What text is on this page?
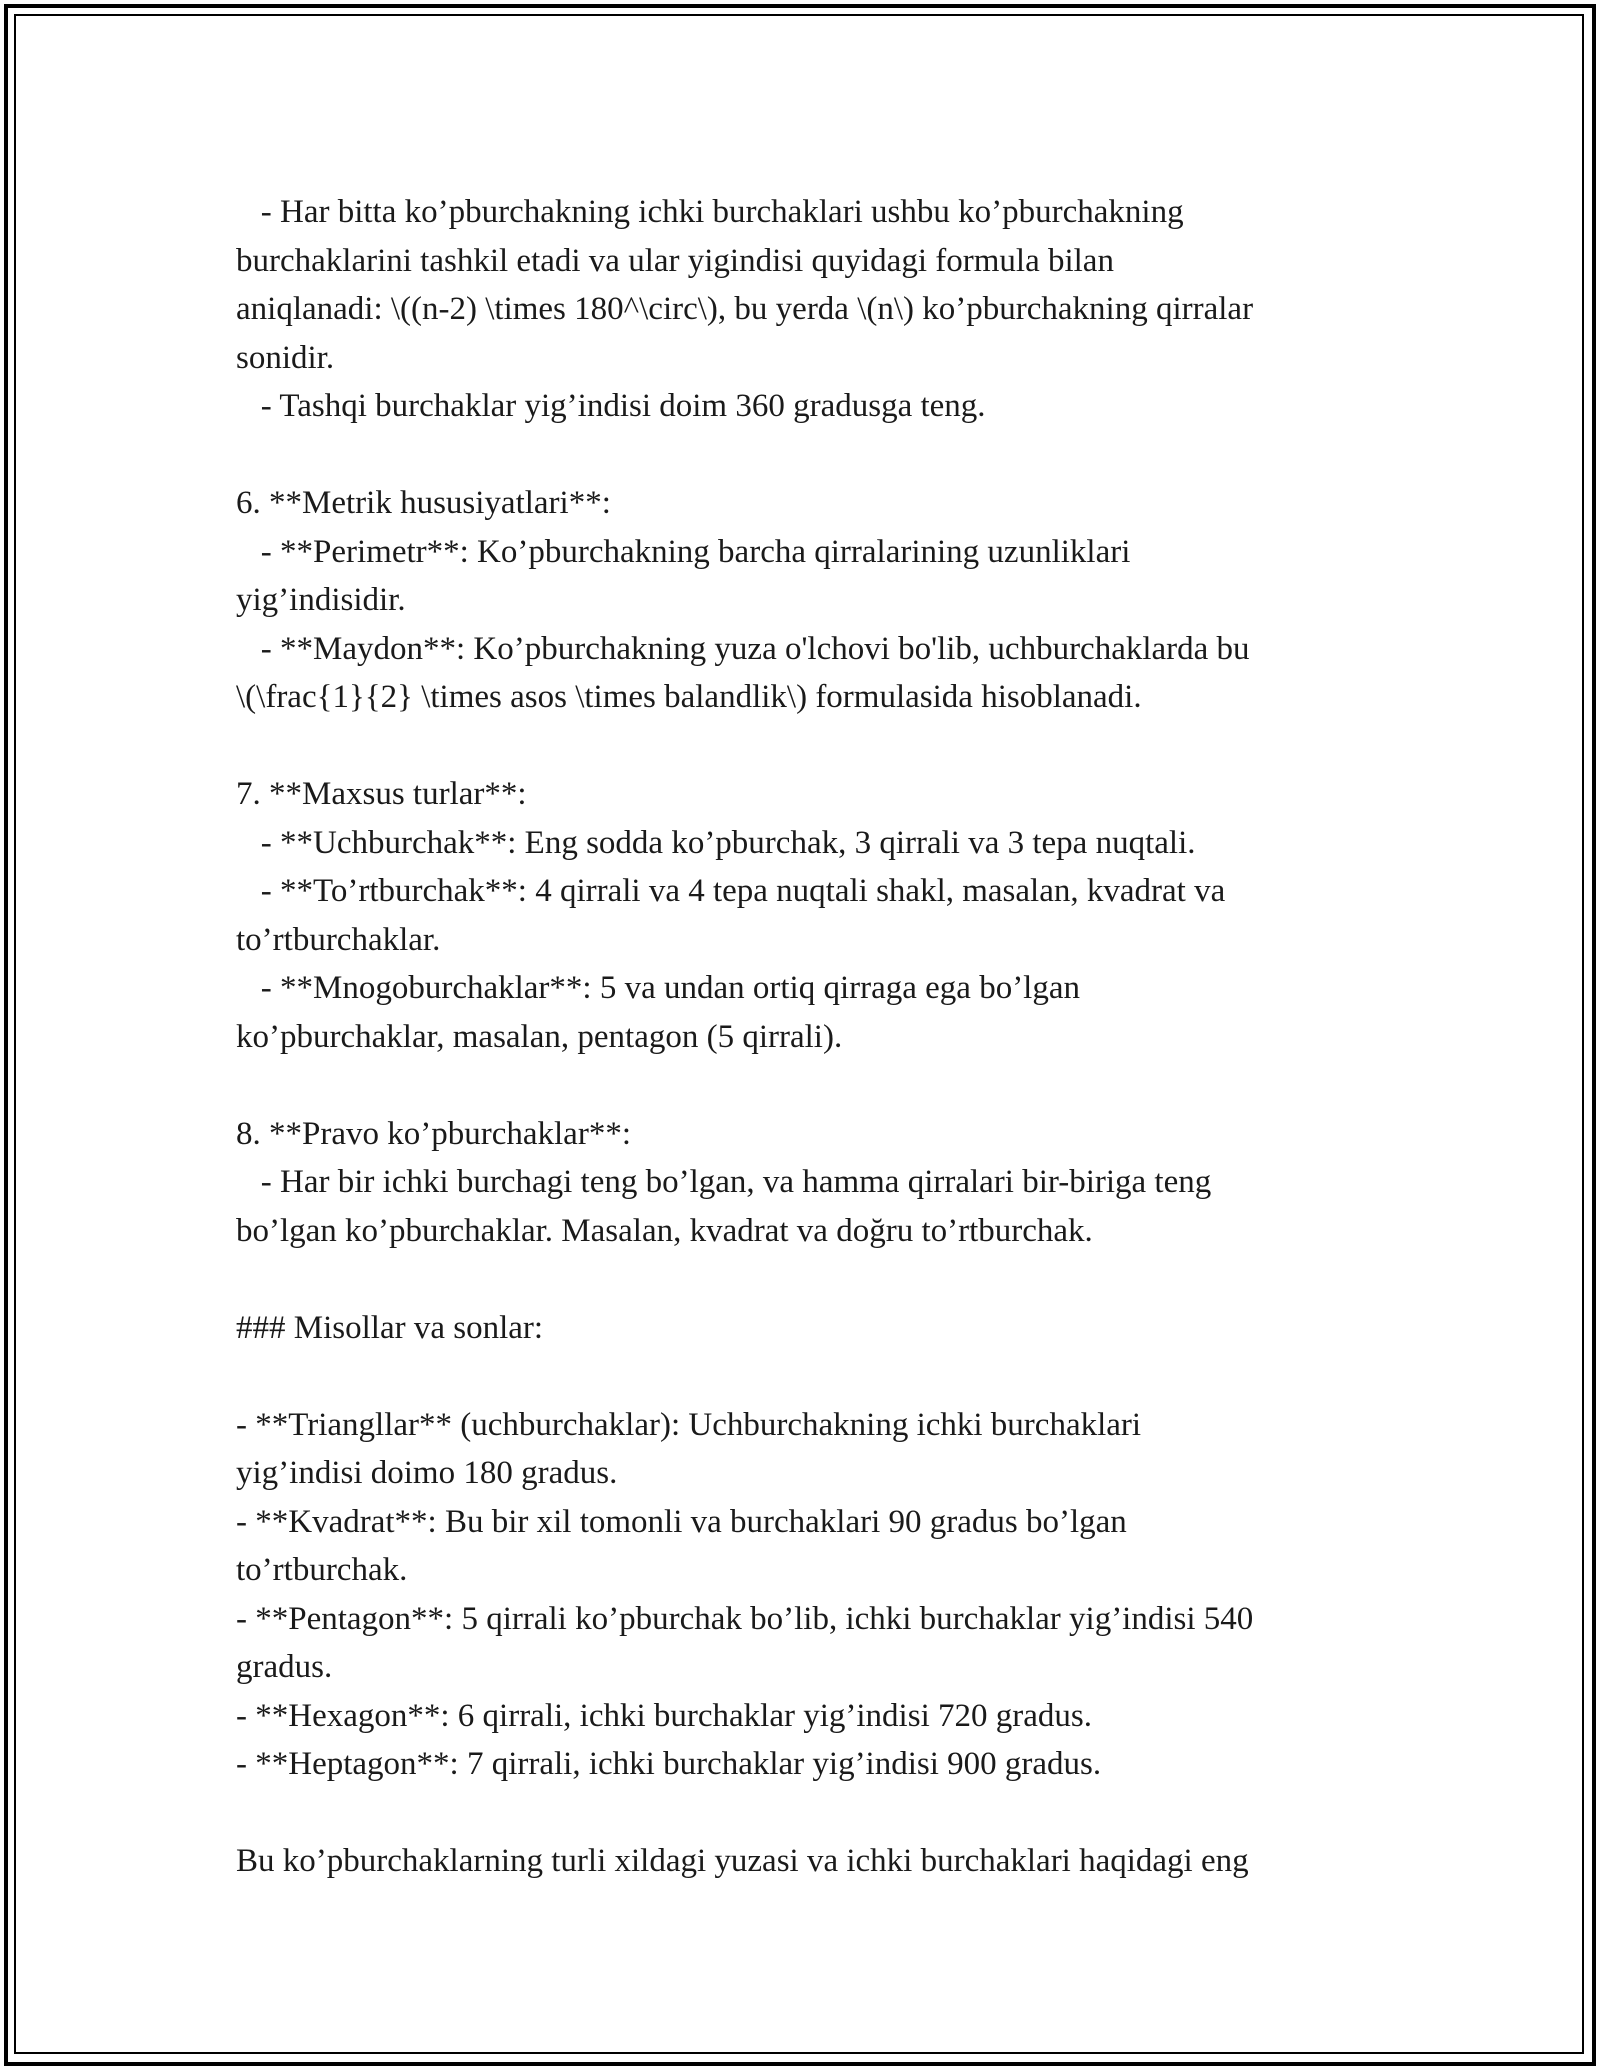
- Har bitta ko’pburchakning ichki burchaklari ushbu ko’pburchakning
burchaklarini tashkil etadi va ular yigindisi quyidagi formula bilan
aniqlanadi: \((n-2) \times 180^\circ\), bu yerda \(n\) ko’pburchakning qirralar
sonidir.
- Tashqi burchaklar yig’indisi doim 360 gradusga teng.
6. **Metrik hususiyatlari**:
- **Perimetr**: Ko’pburchakning barcha qirralarining uzunliklari
yig’indisidir.
- **Maydon**: Ko’pburchakning yuza o'lchovi bo'lib, uchburchaklarda bu
\(\frac{1}{2} \times asos \times balandlik\) formulasida hisoblanadi.
7. **Maxsus turlar**:
- **Uchburchak**: Eng sodda ko’pburchak, 3 qirrali va 3 tepa nuqtali.
- **To’rtburchak**: 4 qirrali va 4 tepa nuqtali shakl, masalan, kvadrat va
to’rtburchaklar.
- **Mnogoburchaklar**: 5 va undan ortiq qirraga ega bo’lgan
ko’pburchaklar, masalan, pentagon (5 qirrali).
8. **Pravo ko’pburchaklar**:
- Har bir ichki burchagi teng bo’lgan, va hamma qirralari bir-biriga teng
bo’lgan ko’pburchaklar. Masalan, kvadrat va doğru to’rtburchak.
### Misollar va sonlar:
- **Triangllar** (uchburchaklar): Uchburchakning ichki burchaklari
yig’indisi doimo 180 gradus.
- **Kvadrat**: Bu bir xil tomonli va burchaklari 90 gradus bo’lgan
to’rtburchak.
- **Pentagon**: 5 qirrali ko’pburchak bo’lib, ichki burchaklar yig’indisi 540
gradus.
- **Hexagon**: 6 qirrali, ichki burchaklar yig’indisi 720 gradus.
- **Heptagon**: 7 qirrali, ichki burchaklar yig’indisi 900 gradus.
Bu ko’pburchaklarning turli xildagi yuzasi va ichki burchaklari haqidagi eng
